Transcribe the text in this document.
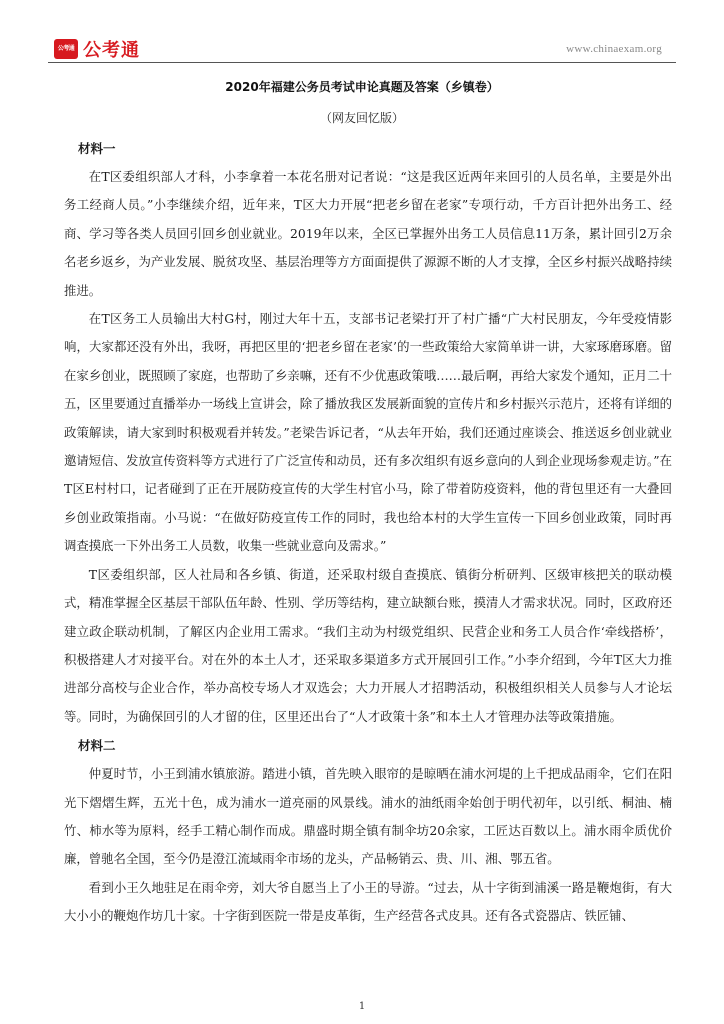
公考通 公考通	www.chinaexam.org
2020年福建公务员考试申论真题及答案（乡镇卷）
（网友回忆版）

材料一

在T区委组织部人才科，小李拿着一本花名册对记者说：“这是我区近两年来回引的人员名单，主要是外出务工经商人员。”小李继续介绍，近年来，T区大力开展“把老乡留在老家”专项行动，千方百计把外出务工、经商、学习等各类人员回引回乡创业就业。2019年以来，全区已掌握外出务工人员信息11万条，累计回引2万余名老乡返乡，为产业发展、脱贫攻坚、基层治理等方方面面提供了源源不断的人才支撑，全区乡村振兴战略持续推进。

在T区务工人员输出大村G村，刚过大年十五，支部书记老梁打开了村广播“广大村民朋友，今年受疫情影响，大家都还没有外出，我呀，再把区里的‘把老乡留在老家’的一些政策给大家简单讲一讲，大家琢磨琢磨。留在家乡创业，既照顾了家庭，也帮助了乡亲嘛，还有不少优惠政策哦……最后啊，再给大家发个通知，正月二十五，区里要通过直播举办一场线上宣讲会，除了播放我区发展新面貌的宣传片和乡村振兴示范片，还将有详细的政策解读，请大家到时积极观看并转发。”老梁告诉记者，“从去年开始，我们还通过座谈会、推送返乡创业就业邀请短信、发放宣传资料等方式进行了广泛宣传和动员，还有多次组织有返乡意向的人到企业现场参观走访。”在T区E村村口，记者碰到了正在开展防疫宣传的大学生村官小马，除了带着防疫资料，他的背包里还有一大叠回乡创业政策指南。小马说：“在做好防疫宣传工作的同时，我也给本村的大学生宣传一下回乡创业政策，同时再调查摸底一下外出务工人员数，收集一些就业意向及需求。”

T区委组织部，区人社局和各乡镇、街道，还采取村级自查摸底、镇街分析研判、区级审核把关的联动模式，精准掌握全区基层干部队伍年龄、性别、学历等结构，建立缺额台账，摸清人才需求状况。同时，区政府还建立政企联动机制，了解区内企业用工需求。“我们主动为村级党组织、民营企业和务工人员合作‘牵线搭桥’，积极搭建人才对接平台。对在外的本土人才，还采取多渠道多方式开展回引工作。”小李介绍到，今年T区大力推进部分高校与企业合作，举办高校专场人才双选会；大力开展人才招聘活动，积极组织相关人员参与人才论坛等。同时，为确保回引的人才留的住，区里还出台了“人才政策十条”和本土人才管理办法等政策措施。

材料二

仲夏时节，小王到浦水镇旅游。踏进小镇，首先映入眼帘的是晾晒在浦水河堤的上千把成品雨伞，它们在阳光下熠熠生辉，五光十色，成为浦水一道亮丽的风景线。浦水的油纸雨伞始创于明代初年，以引纸、桐油、楠竹、柿水等为原料，经手工精心制作而成。鼎盛时期全镇有制伞坊20余家，工匠达百数以上。浦水雨伞质优价廉，曾驰名全国，至今仍是澄江流域雨伞市场的龙头，产品畅销云、贵、川、湘、鄂五省。

看到小王久地驻足在雨伞旁，刘大爷自愿当上了小王的导游。“过去，从十字街到浦溪一路是鞭炮街，有大大小小的鞭炮作坊几十家。十字街到医院一带是皮革街，生产经营各式皮具。还有各式瓷器店、铁匠铺、

1
